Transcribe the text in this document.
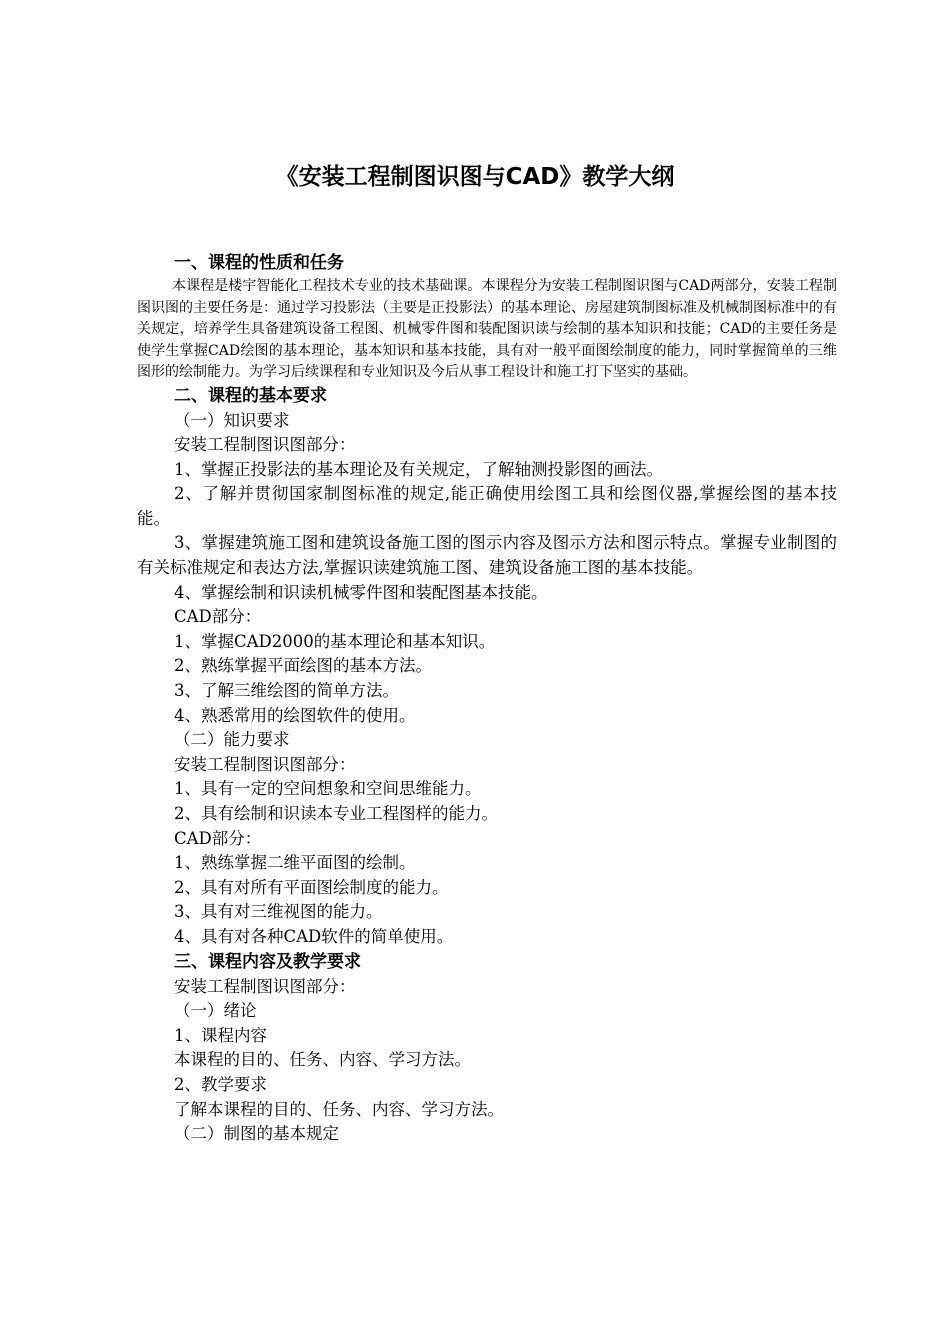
《安装工程制图识图与CAD》教学大纲
一、课程的性质和任务

本课程是楼宇智能化工程技术专业的技术基础课。本课程分为安装工程制图识图与CAD两部分，安装工程制图识图的主要任务是：通过学习投影法（主要是正投影法）的基本理论、房屋建筑制图标准及机械制图标准中的有关规定，培养学生具备建筑设备工程图、机械零件图和装配图识读与绘制的基本知识和技能；CAD的主要任务是使学生掌握CAD绘图的基本理论，基本知识和基本技能，具有对一般平面图绘制度的能力，同时掌握简单的三维图形的绘制能力。为学习后续课程和专业知识及今后从事工程设计和施工打下坚实的基础。

二、课程的基本要求
（一）知识要求
安装工程制图识图部分：
1、掌握正投影法的基本理论及有关规定，了解轴测投影图的画法。

2、了解并贯彻国家制图标准的规定,能正确使用绘图工具和绘图仪器,掌握绘图的基本技能。

3、掌握建筑施工图和建筑设备施工图的图示内容及图示方法和图示特点。掌握专业制图的有关标准规定和表达方法,掌握识读建筑施工图、建筑设备施工图的基本技能。

4、掌握绘制和识读机械零件图和装配图基本技能。
CAD部分：
1、掌握CAD2000的基本理论和基本知识。
2、熟练掌握平面绘图的基本方法。
3、了解三维绘图的简单方法。
4、熟悉常用的绘图软件的使用。
（二）能力要求
安装工程制图识图部分：
1、具有一定的空间想象和空间思维能力。
2、具有绘制和识读本专业工程图样的能力。
CAD部分：
1、熟练掌握二维平面图的绘制。
2、具有对所有平面图绘制度的能力。
3、具有对三维视图的能力。
4、具有对各种CAD软件的简单使用。
三、课程内容及教学要求
安装工程制图识图部分：
（一）绪论
1、课程内容
本课程的目的、任务、内容、学习方法。
2、教学要求
了解本课程的目的、任务、内容、学习方法。
（二）制图的基本规定
